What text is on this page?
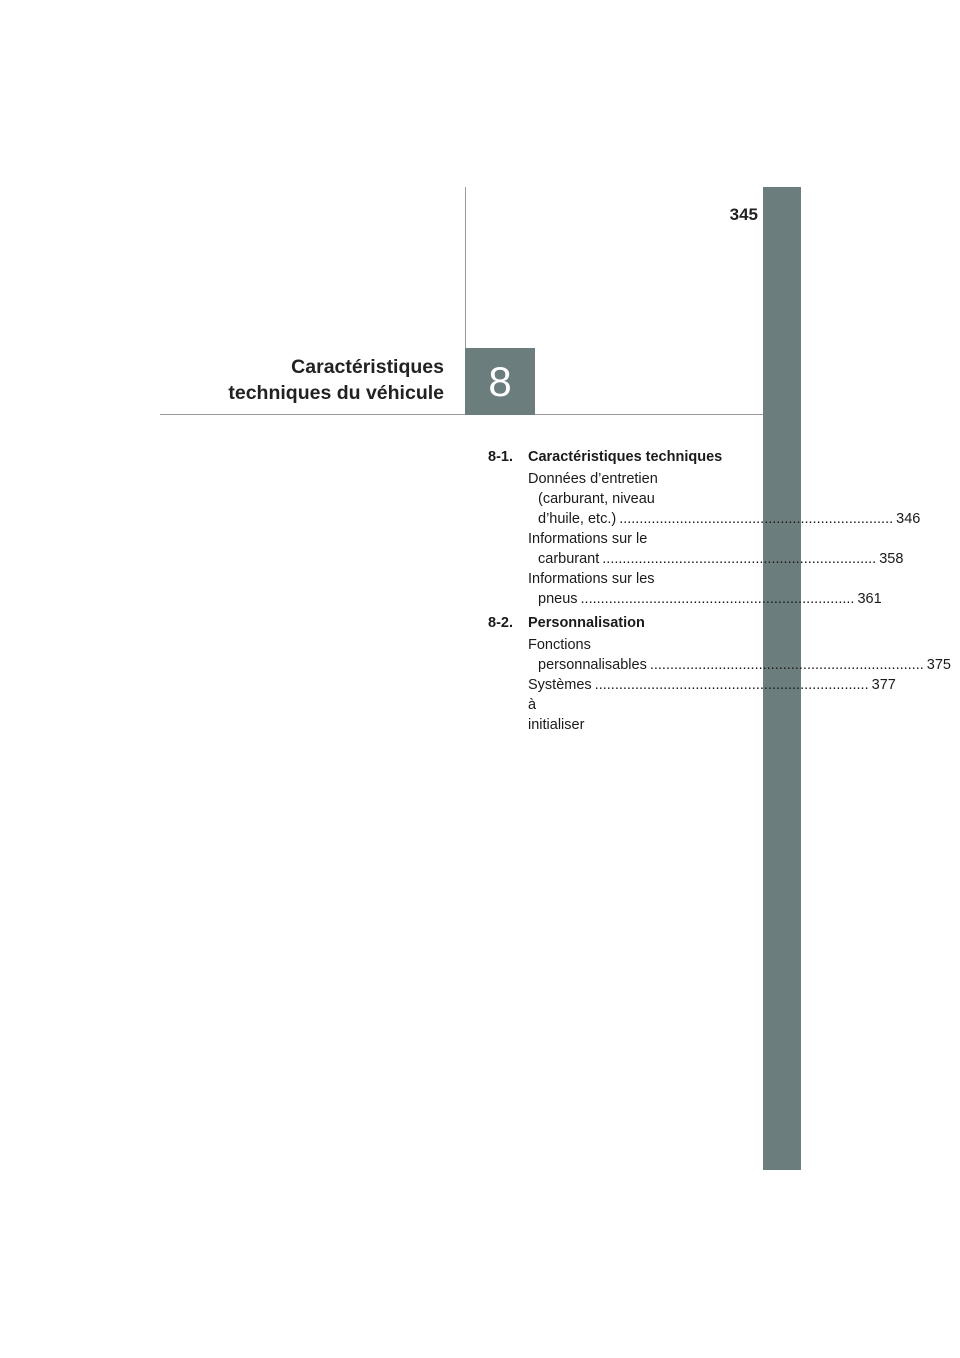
345
8
Caractéristiques
techniques du véhicule
8-1.	Caractéristiques techniques
Données d’entretien
(carburant, niveau
d’huile, etc.) .................................................................... 346
Informations sur le
carburant .................................................................... 358
Informations sur les
pneus .................................................................... 361
8-2.	Personnalisation
Fonctions
personnalisables .................................................................... 375
Systèmes à initialiser
.................................................................... 377
